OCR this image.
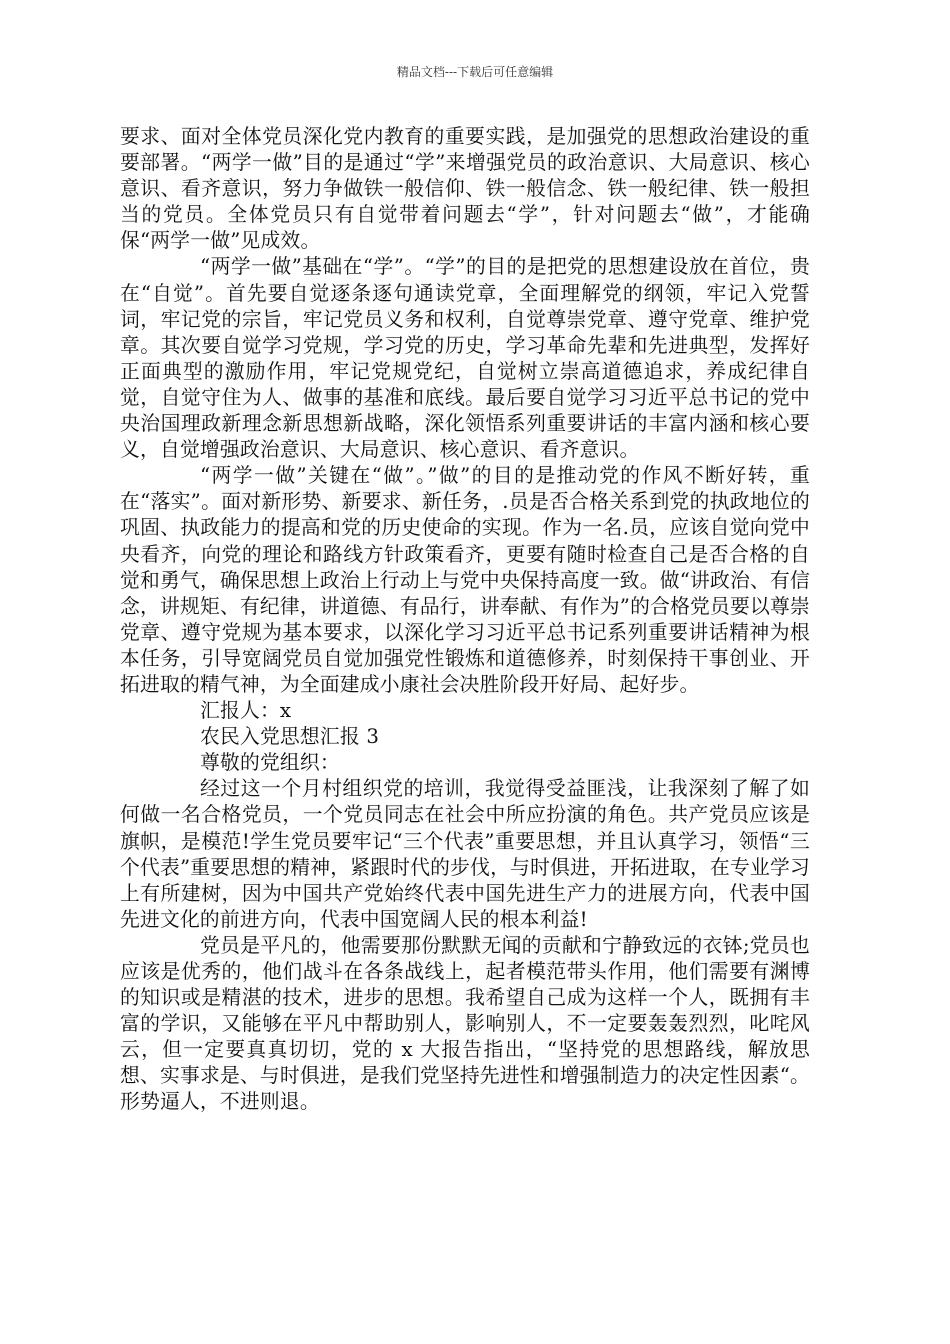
精品文档---下载后可任意编辑

要求、面对全体党员深化党内教育的重要实践，是加强党的思想政治建设的重要部署。“两学一做”目的是通过“学”来增强党员的政治意识、大局意识、核心意识、看齐意识，努力争做铁一般信仰、铁一般信念、铁一般纪律、铁一般担当的党员。全体党员只有自觉带着问题去“学”，针对问题去“做”，才能确保“两学一做”见成效。

“两学一做”基础在“学”。“学”的目的是把党的思想建设放在首位，贵在“自觉”。首先要自觉逐条逐句通读党章，全面理解党的纲领，牢记入党誓词，牢记党的宗旨，牢记党员义务和权利，自觉尊崇党章、遵守党章、维护党章。其次要自觉学习党规，学习党的历史，学习革命先辈和先进典型，发挥好正面典型的激励作用，牢记党规党纪，自觉树立崇高道德追求，养成纪律自觉，自觉守住为人、做事的基准和底线。最后要自觉学习习近平总书记的党中央治国理政新理念新思想新战略，深化领悟系列重要讲话的丰富内涵和核心要义，自觉增强政治意识、大局意识、核心意识、看齐意识。

“两学一做”关键在“做”。”做”的目的是推动党的作风不断好转，重在“落实”。面对新形势、新要求、新任务，.员是否合格关系到党的执政地位的巩固、执政能力的提高和党的历史使命的实现。作为一名.员，应该自觉向党中央看齐，向党的理论和路线方针政策看齐，更要有随时检查自己是否合格的自觉和勇气，确保思想上政治上行动上与党中央保持高度一致。做“讲政治、有信念，讲规矩、有纪律，讲道德、有品行，讲奉献、有作为”的合格党员要以尊崇党章、遵守党规为基本要求，以深化学习习近平总书记系列重要讲话精神为根本任务，引导宽阔党员自觉加强党性锻炼和道德修养，时刻保持干事创业、开拓进取的精气神，为全面建成小康社会决胜阶段开好局、起好步。

汇报人：x

农民入党思想汇报 3

尊敬的党组织：

经过这一个月村组织党的培训，我觉得受益匪浅，让我深刻了解了如何做一名合格党员，一个党员同志在社会中所应扮演的角色。共产党员应该是旗帜，是模范!学生党员要牢记“三个代表”重要思想，并且认真学习，领悟“三个代表”重要思想的精神，紧跟时代的步伐，与时俱进，开拓进取，在专业学习上有所建树，因为中国共产党始终代表中国先进生产力的进展方向，代表中国先进文化的前进方向，代表中国宽阔人民的根本利益!

党员是平凡的，他需要那份默默无闻的贡献和宁静致远的衣钵;党员也应该是优秀的，他们战斗在各条战线上，起者模范带头作用，他们需要有渊博的知识或是精湛的技术，进步的思想。我希望自己成为这样一个人，既拥有丰富的学识，又能够在平凡中帮助别人，影响别人，不一定要轰轰烈烈，叱咤风云，但一定要真真切切，党的 x 大报告指出，“坚持党的思想路线，解放思想、实事求是、与时俱进，是我们党坚持先进性和增强制造力的决定性因素“。形势逼人，不进则退。
